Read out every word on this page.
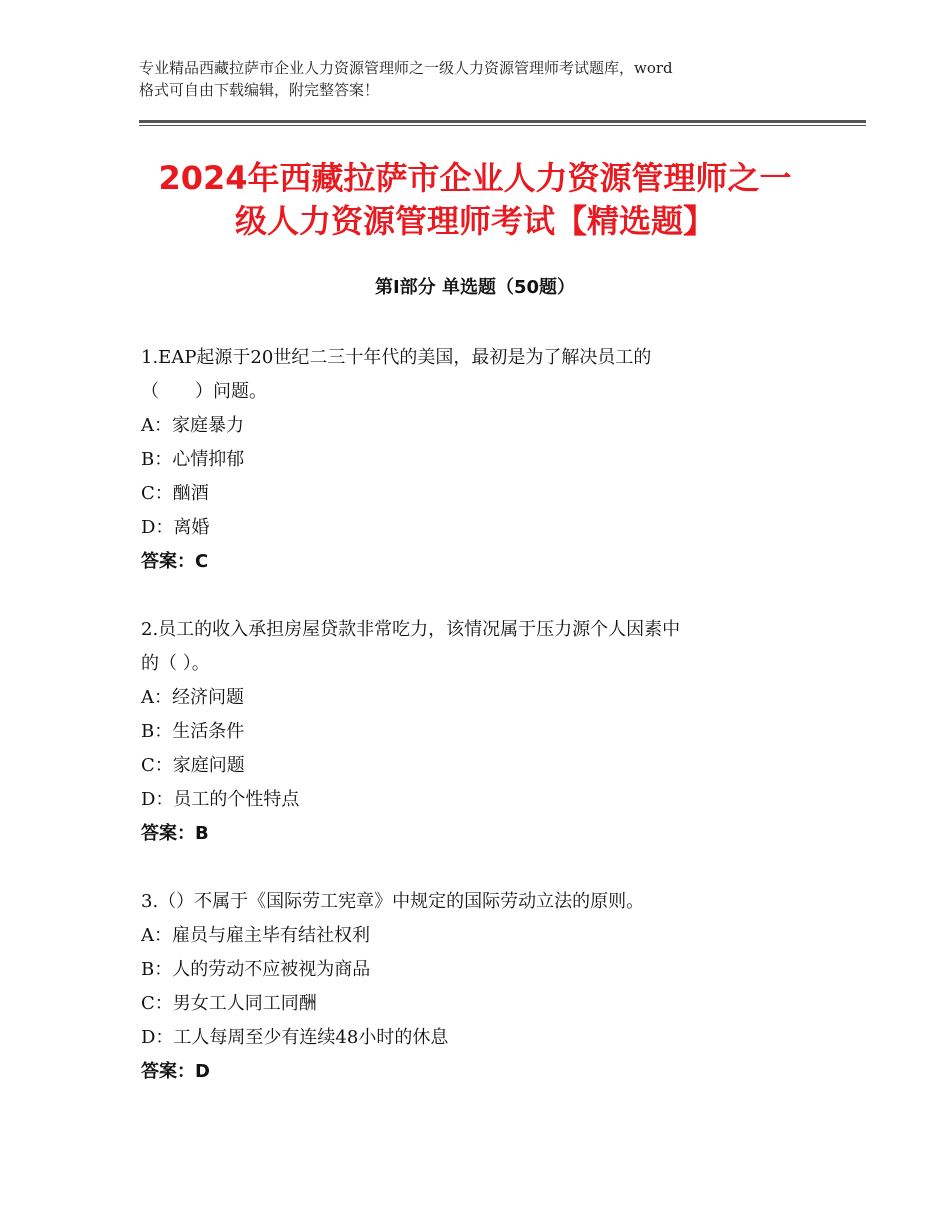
专业精品西藏拉萨市企业人力资源管理师之一级人力资源管理师考试题库，word
格式可自由下载编辑，附完整答案！
2024年西藏拉萨市企业人力资源管理师之一
级人力资源管理师考试【精选题】
第Ⅰ部分 单选题（50题）
1.EAP起源于20世纪二三十年代的美国，最初是为了解决员工的
（　　）问题。
A：家庭暴力
B：心情抑郁
C：酗酒
D：离婚
答案：C
2.员工的收入承担房屋贷款非常吃力，该情况属于压力源个人因素中
的（ ）。
A：经济问题
B：生活条件
C：家庭问题
D：员工的个性特点
答案：B
3.（）不属于《国际劳工宪章》中规定的国际劳动立法的原则。
A：雇员与雇主毕有结社权利
B：人的劳动不应被视为商品
C：男女工人同工同酬
D：工人每周至少有连续48小时的休息
答案：D
